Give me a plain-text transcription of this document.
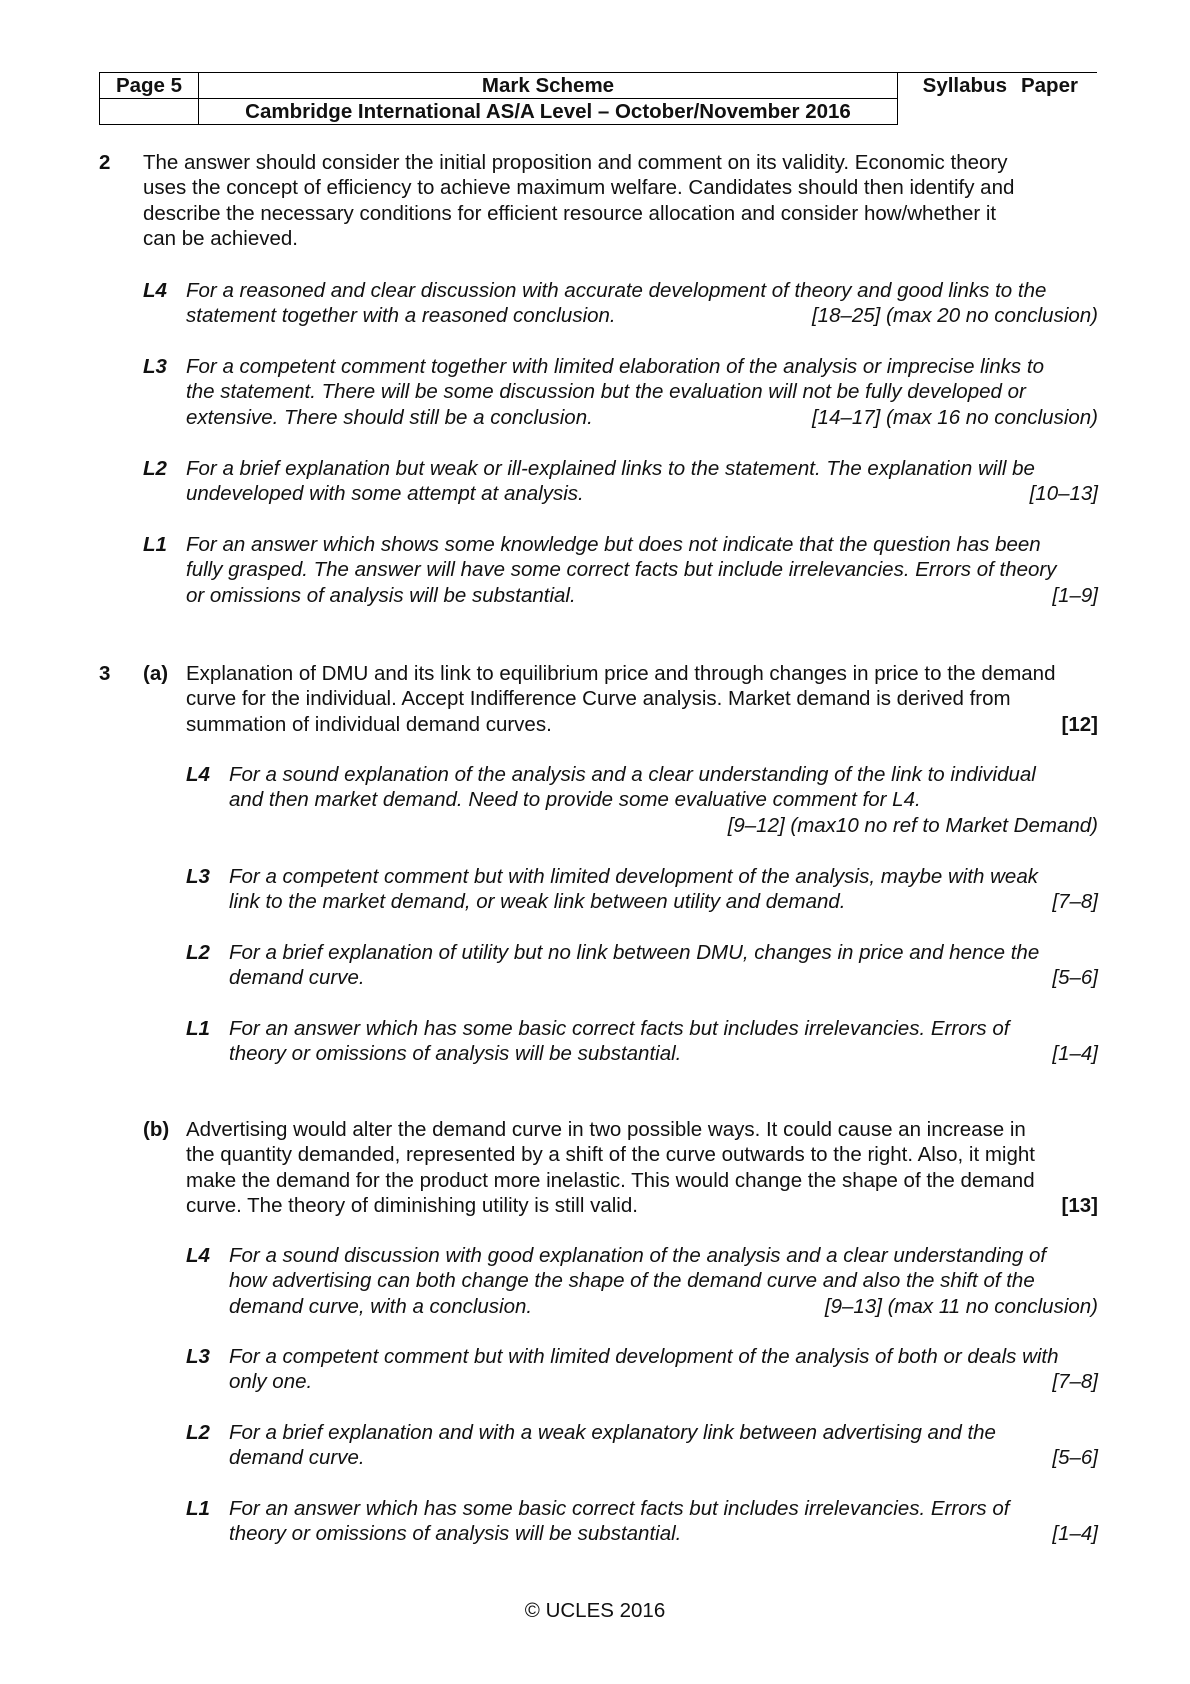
Page 5	Mark Scheme	Syllabus	Paper
	Cambridge International AS/A Level – October/November 2016		
2 The answer should consider the initial proposition and comment on its validity. Economic theory
uses the concept of efficiency to achieve maximum welfare. Candidates should then identify and
describe the necessary conditions for efficient resource allocation and consider how/whether it
can be achieved.
L4 For a reasoned and clear discussion with accurate development of theory and good links to the
statement together with a reasoned conclusion.	[18–25] (max 20 no conclusion)
L3 For a competent comment together with limited elaboration of the analysis or imprecise links to
the statement. There will be some discussion but the evaluation will not be fully developed or
extensive. There should still be a conclusion.	[14–17] (max 16 no conclusion)
L2 For a brief explanation but weak or ill-explained links to the statement. The explanation will be
undeveloped with some attempt at analysis.	[10–13]
L1 For an answer which shows some knowledge but does not indicate that the question has been
fully grasped. The answer will have some correct facts but include irrelevancies. Errors of theory
or omissions of analysis will be substantial.	[1–9]
3 (a) Explanation of DMU and its link to equilibrium price and through changes in price to the demand
curve for the individual. Accept Indifference Curve analysis. Market demand is derived from
summation of individual demand curves.	[12]
L4 For a sound explanation of the analysis and a clear understanding of the link to individual
and then market demand. Need to provide some evaluative comment for L4.
[9–12] (max10 no ref to Market Demand)
L3 For a competent comment but with limited development of the analysis, maybe with weak
link to the market demand, or weak link between utility and demand.	[7–8]
L2 For a brief explanation of utility but no link between DMU, changes in price and hence the
demand curve.	[5–6]
L1 For an answer which has some basic correct facts but includes irrelevancies. Errors of
theory or omissions of analysis will be substantial.	[1–4]
(b) Advertising would alter the demand curve in two possible ways. It could cause an increase in
the quantity demanded, represented by a shift of the curve outwards to the right. Also, it might
make the demand for the product more inelastic. This would change the shape of the demand
curve. The theory of diminishing utility is still valid.	[13]
L4 For a sound discussion with good explanation of the analysis and a clear understanding of
how advertising can both change the shape of the demand curve and also the shift of the
demand curve, with a conclusion.	[9–13] (max 11 no conclusion)
L3 For a competent comment but with limited development of the analysis of both or deals with
only one.	[7–8]
L2 For a brief explanation and with a weak explanatory link between advertising and the
demand curve.	[5–6]
L1 For an answer which has some basic correct facts but includes irrelevancies. Errors of
theory or omissions of analysis will be substantial.	[1–4]
© UCLES 2016
